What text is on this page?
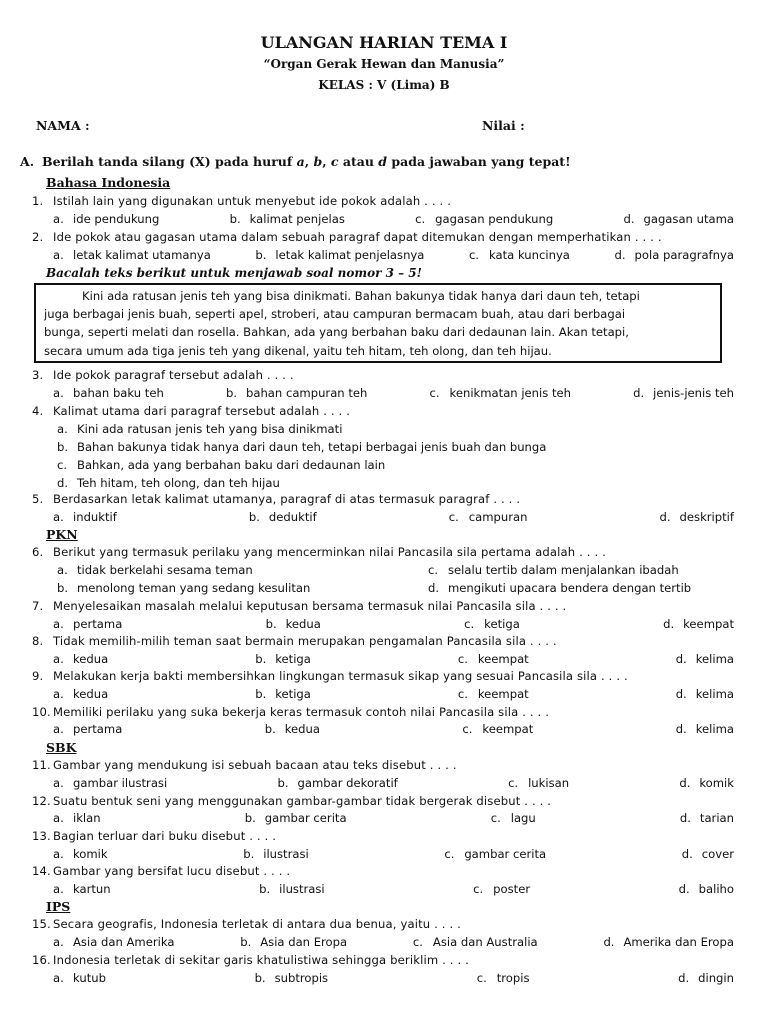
ULANGAN HARIAN TEMA I
“Organ Gerak Hewan dan Manusia”
KELAS : V (Lima) B
NAMA :	Nilai :
A. Berilah tanda silang (X) pada huruf a, b, c atau d pada jawaban yang tepat!
Bahasa Indonesia
1. Istilah lain yang digunakan untuk menyebut ide pokok adalah . . . .
a. ide pendukung	b. kalimat penjelas	c. gagasan pendukung	d. gagasan utama
2. Ide pokok atau gagasan utama dalam sebuah paragraf dapat ditemukan dengan memperhatikan . . . .
a. letak kalimat utamanya	b. letak kalimat penjelasnya	c. kata kuncinya	d. pola paragrafnya
Bacalah teks berikut untuk menjawab soal nomor 3 – 5!
Kini ada ratusan jenis teh yang bisa dinikmati. Bahan bakunya tidak hanya dari daun teh, tetapi
juga berbagai jenis buah, seperti apel, stroberi, atau campuran bermacam buah, atau dari berbagai
bunga, seperti melati dan rosella. Bahkan, ada yang berbahan baku dari dedaunan lain. Akan tetapi,
secara umum ada tiga jenis teh yang dikenal, yaitu teh hitam, teh olong, dan teh hijau.
3. Ide pokok paragraf tersebut adalah . . . .
a. bahan baku teh	b. bahan campuran teh	c. kenikmatan jenis teh	d. jenis-jenis teh
4. Kalimat utama dari paragraf tersebut adalah . . . .
a. Kini ada ratusan jenis teh yang bisa dinikmati
b. Bahan bakunya tidak hanya dari daun teh, tetapi berbagai jenis buah dan bunga
c. Bahkan, ada yang berbahan baku dari dedaunan lain
d. Teh hitam, teh olong, dan teh hijau
5. Berdasarkan letak kalimat utamanya, paragraf di atas termasuk paragraf . . . .
a. induktif	b. deduktif	c. campuran	d. deskriptif
PKN
6. Berikut yang termasuk perilaku yang mencerminkan nilai Pancasila sila pertama adalah . . . .
a. tidak berkelahi sesama teman	c. selalu tertib dalam menjalankan ibadah
b. menolong teman yang sedang kesulitan	d. mengikuti upacara bendera dengan tertib
7. Menyelesaikan masalah melalui keputusan bersama termasuk nilai Pancasila sila . . . .
a. pertama	b. kedua	c. ketiga	d. keempat
8. Tidak memilih-milih teman saat bermain merupakan pengamalan Pancasila sila . . . .
a. kedua	b. ketiga	c. keempat	d. kelima
9. Melakukan kerja bakti membersihkan lingkungan termasuk sikap yang sesuai Pancasila sila . . . .
a. kedua	b. ketiga	c. keempat	d. kelima
10. Memiliki perilaku yang suka bekerja keras termasuk contoh nilai Pancasila sila . . . .
a. pertama	b. kedua	c. keempat	d. kelima
SBK
11. Gambar yang mendukung isi sebuah bacaan atau teks disebut . . . .
a. gambar ilustrasi	b. gambar dekoratif	c. lukisan	d. komik
12. Suatu bentuk seni yang menggunakan gambar-gambar tidak bergerak disebut . . . .
a. iklan	b. gambar cerita	c. lagu	d. tarian
13. Bagian terluar dari buku disebut . . . .
a. komik	b. ilustrasi	c. gambar cerita	d. cover
14. Gambar yang bersifat lucu disebut . . . .
a. kartun	b. ilustrasi	c. poster	d. baliho
IPS
15. Secara geografis, Indonesia terletak di antara dua benua, yaitu . . . .
a. Asia dan Amerika	b. Asia dan Eropa	c. Asia dan Australia	d. Amerika dan Eropa
16. Indonesia terletak di sekitar garis khatulistiwa sehingga beriklim . . . .
a. kutub	b. subtropis	c. tropis	d. dingin
